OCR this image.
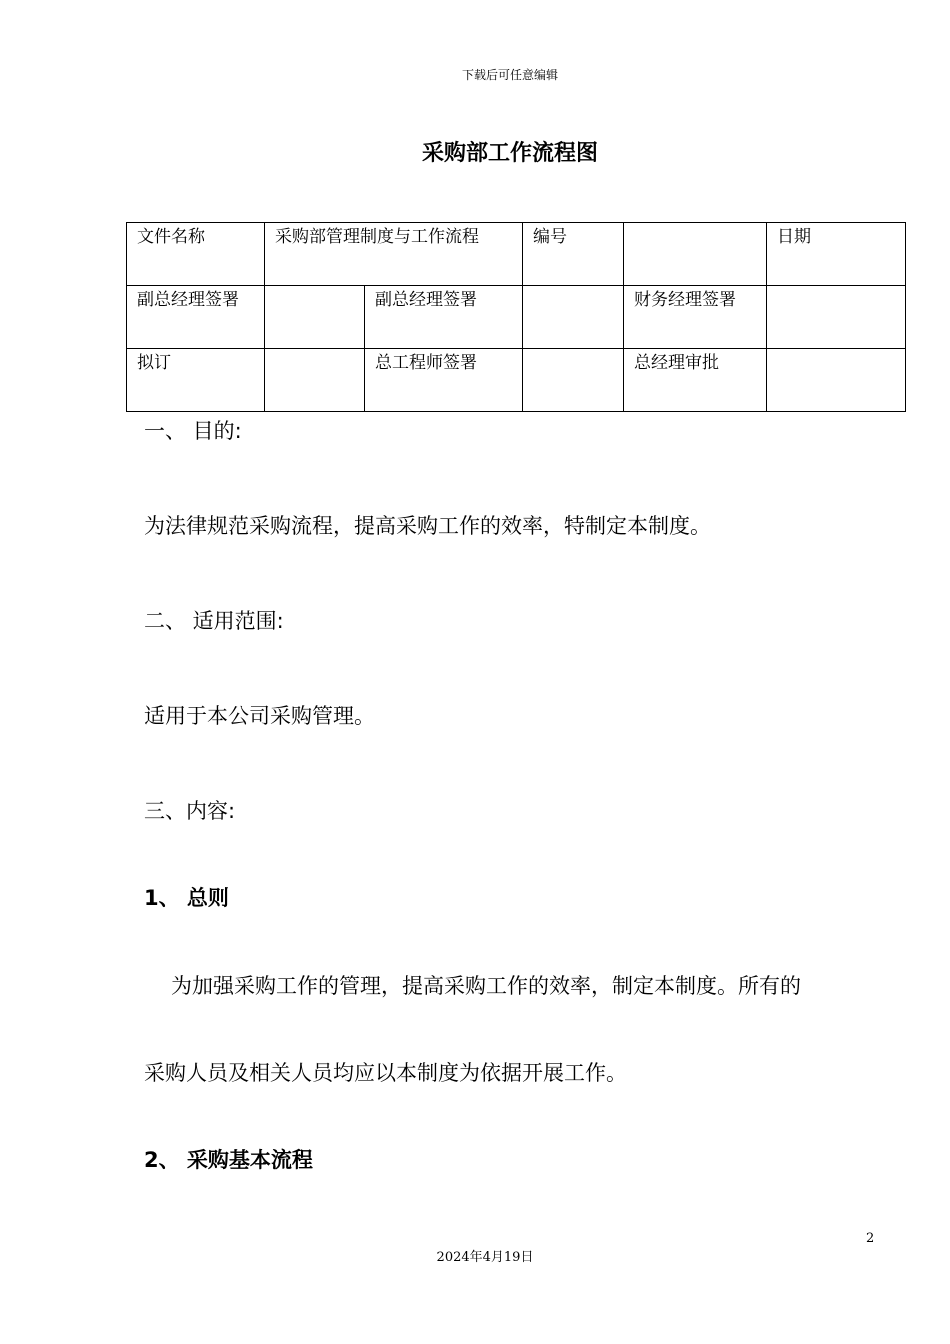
下载后可任意编辑
采购部工作流程图
文件名称	采购部管理制度与工作流程		编号		日期
副总经理签署		副总经理签署		财务经理签署	
拟订		总工程师签署		总经理审批	
一、 目的:
为法律规范采购流程，提高采购工作的效率，特制定本制度。
二、 适用范围:
适用于本公司采购管理。
三、内容:
1、 总则
为加强采购工作的管理，提高采购工作的效率，制定本制度。所有的
采购人员及相关人员均应以本制度为依据开展工作。
2、 采购基本流程
2
2024年4月19日
